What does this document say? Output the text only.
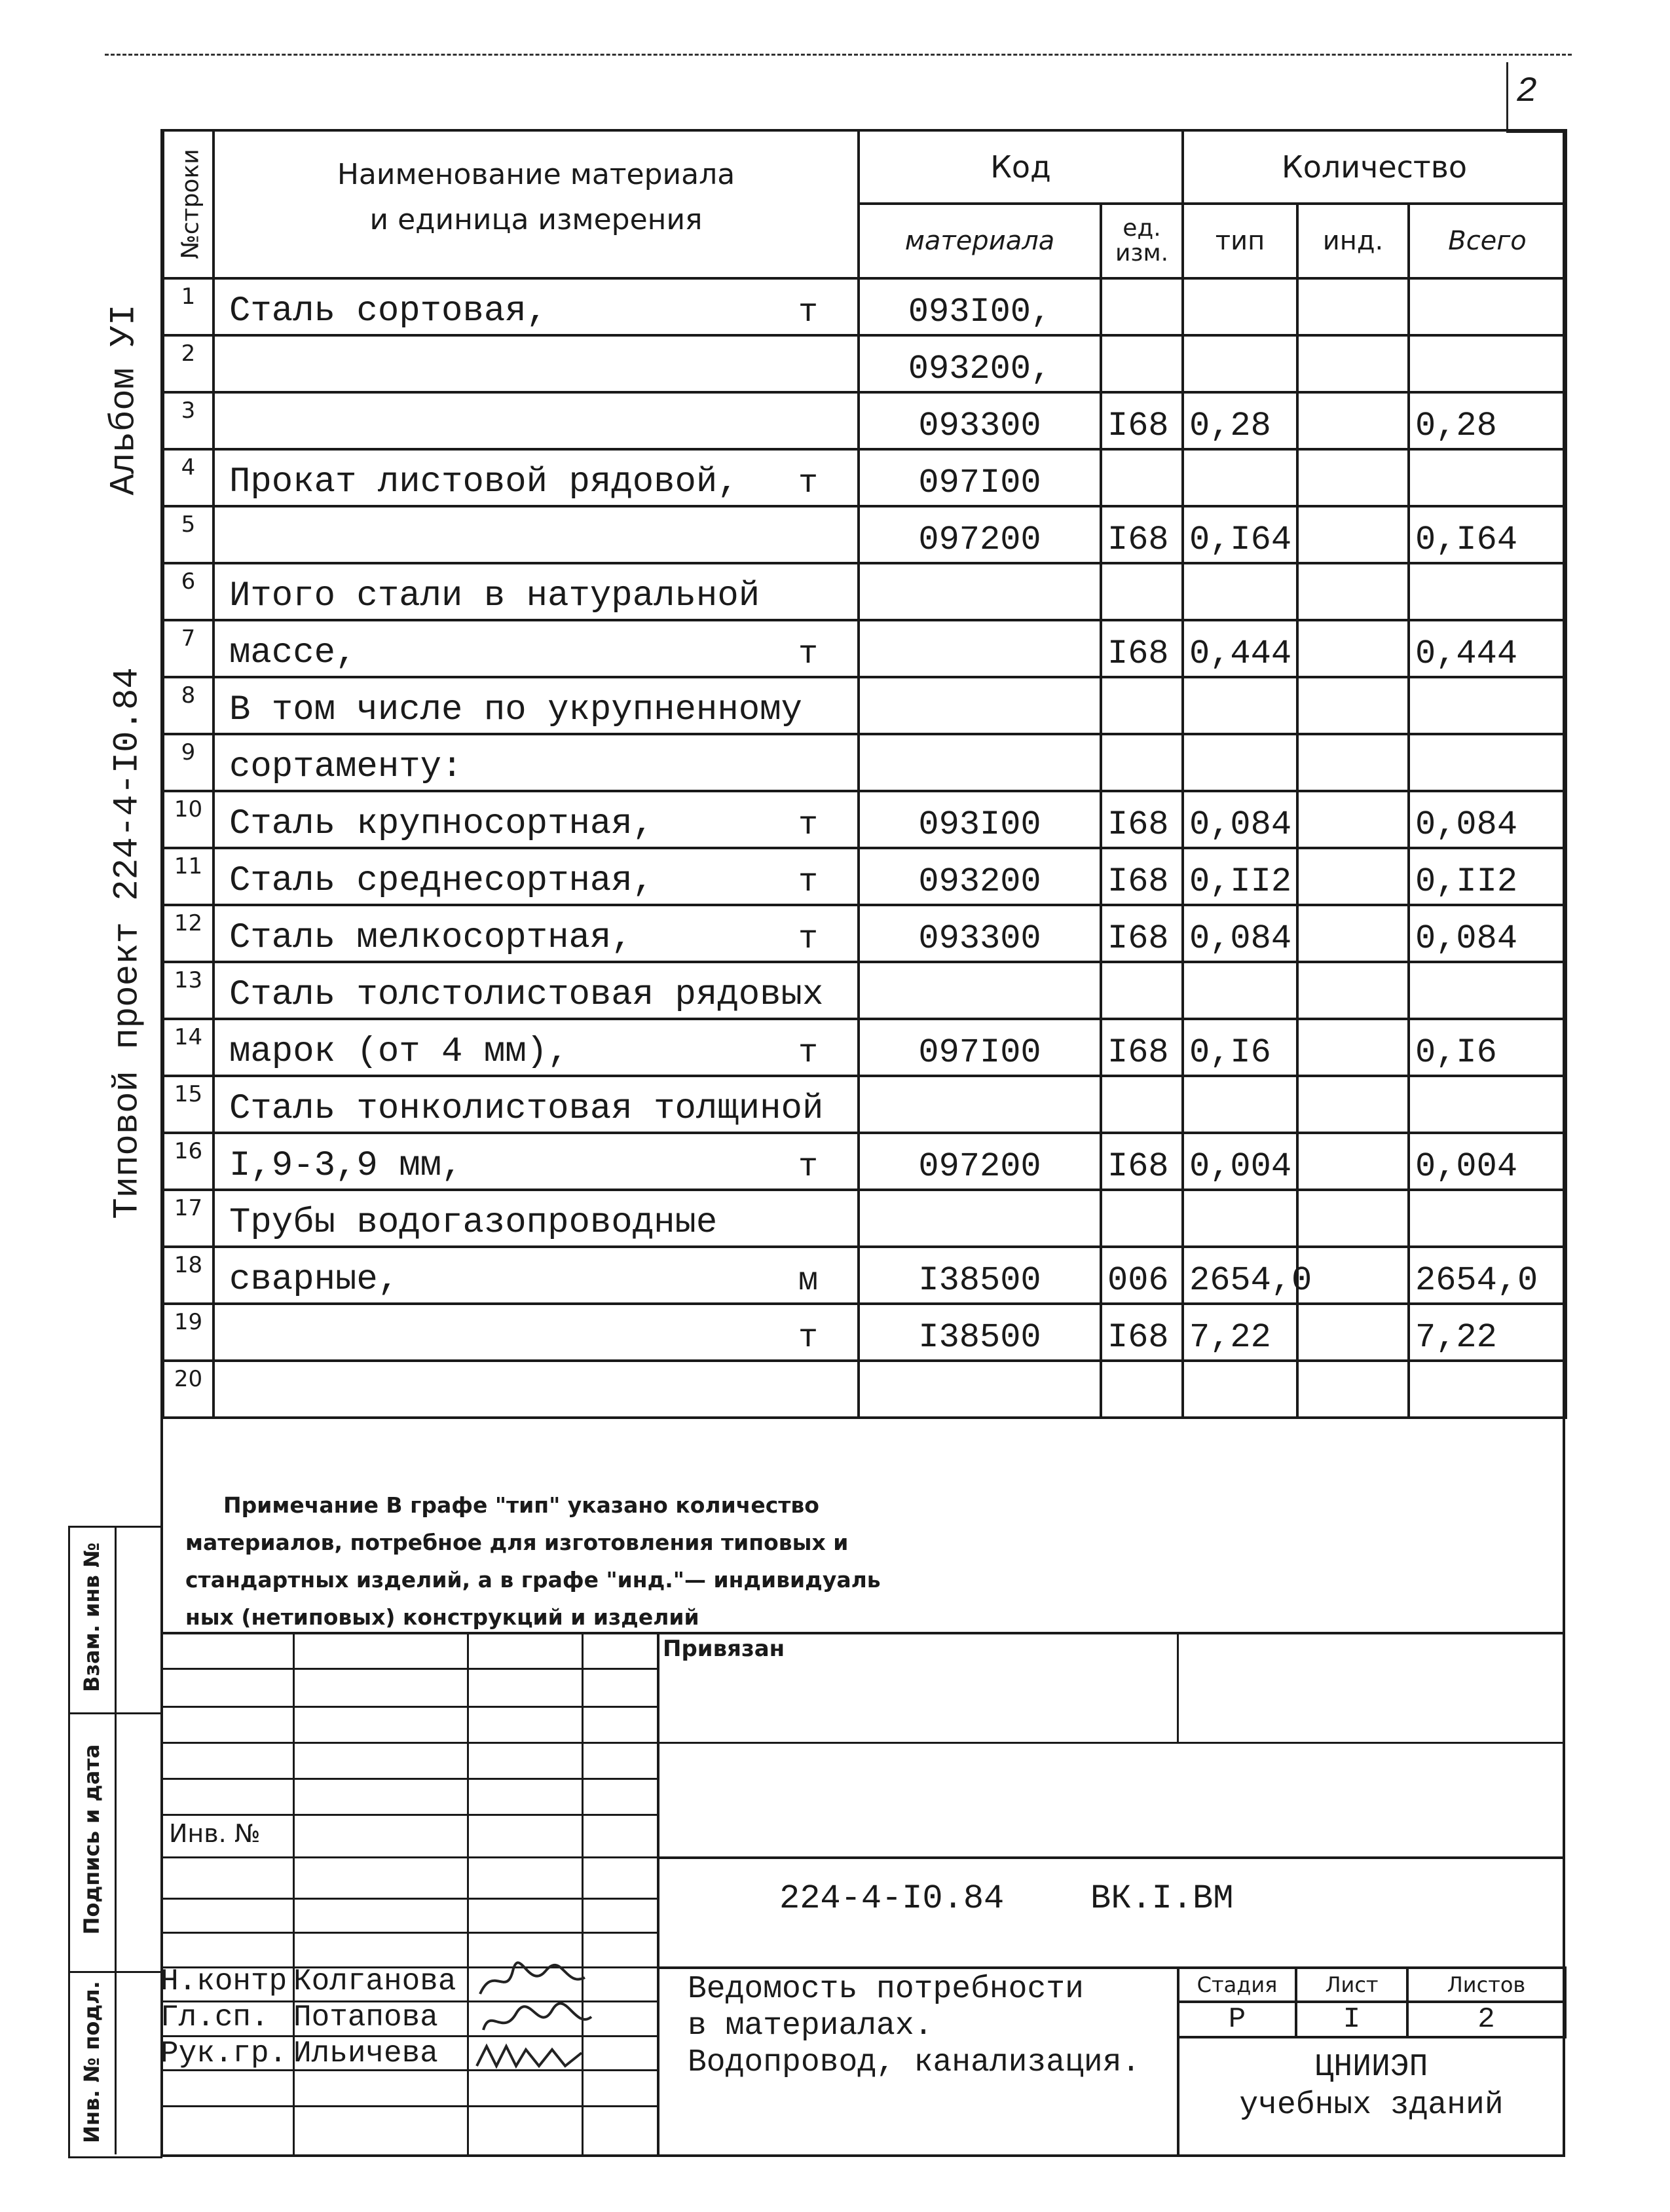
2
Альбом УI
Типовой проект 224-4-I0.84
№строки	Наименование материала
и единица измерения	Код		Количество		
		материала	ед. изм.	тип	инд.	Всего
1	Сталь сортовая, т	093I00,				
2		093200,				
3		093300	I68	0,28		0,28
4	Прокат листовой рядовой, т	097I00				
5		097200	I68	0,I64		0,I64
6	Итого стали в натуральной

7	массе, т		I68	0,444		0,444
8	В том числе по укрупненному

9	сортаменту:

10	Сталь крупносортная, т	093I00	I68	0,084		0,084
11	Сталь среднесортная, т	093200	I68	0,II2		0,II2
12	Сталь мелкосортная, т	093300	I68	0,084		0,084
13	Сталь толстолистовая рядовых

14	марок (от 4 мм), т	097I00	I68	0,I6		0,I6
15	Сталь тонколистовая толщиной

16	I,9-3,9 мм, т	097200	I68	0,004		0,004
17	Трубы водогазопроводные

18	сварные, м	I38500	006	2654,0		2654,0
19	т	I38500	I68	7,22		7,22
20	

Примечание В графе "тип" указано количество
материалов, потребное для изготовления типовых и
стандартных изделий, а в графе "инд."— индивидуаль
ных (нетиповых) конструкций и изделий
Взам. инв №
Подпись и дата
Инв. № подл.
Привязан
Инв. №
224-4-I0.84	ВК.I.ВМ
Н.контр Колганова
Гл.сп. Потапова
Рук.гр. Ильичева
Ведомость потребности
в материалах.
Водопровод, канализация.
Стадия	Лист	Листов
Р	I	2
ЦНИИЭП
учебных зданий
